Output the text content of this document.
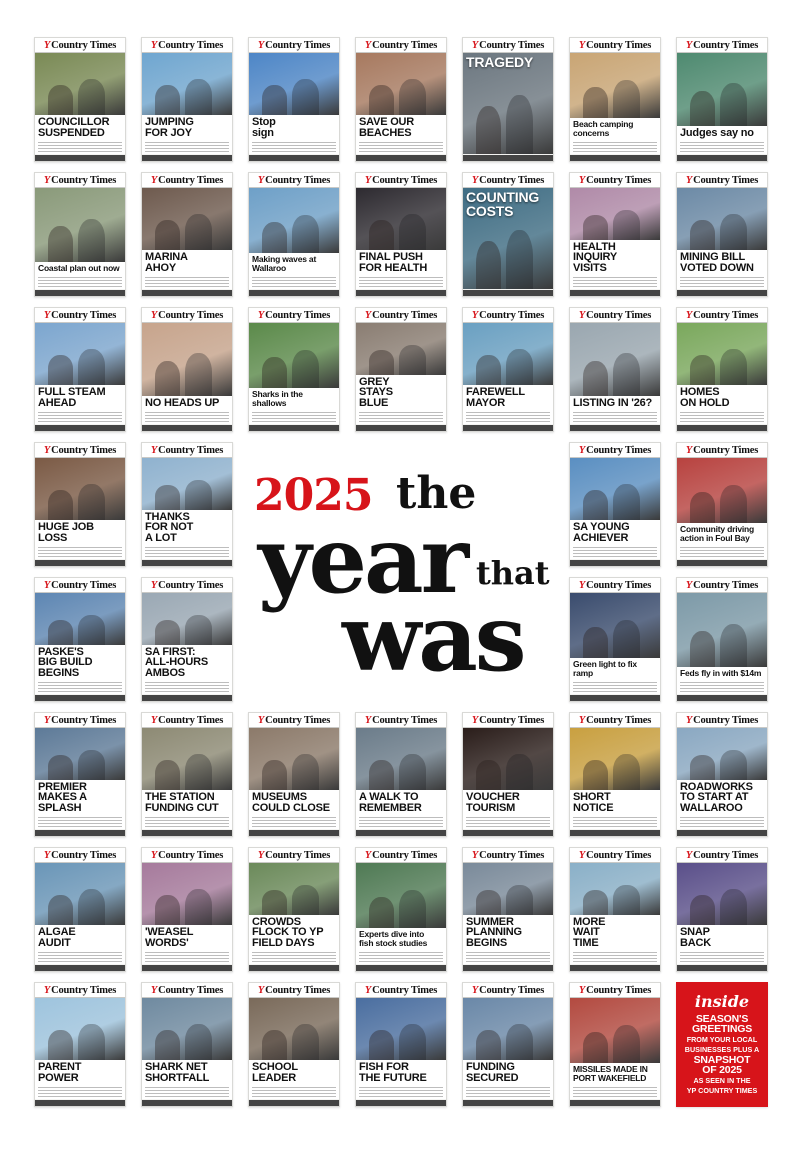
Y Country Times
COUNCILLOR
SUSPENDED
Y Country Times
JUMPING
FOR JOY
Y Country Times
Stop
sign
Y Country Times
SAVE OUR
BEACHES
Y Country Times
TRAGEDY
Y Country Times
Beach camping concerns
Y Country Times
Judges say no
Y Country Times
Coastal plan out now
Y Country Times
MARINA
AHOY
Y Country Times
Making waves at Wallaroo
Y Country Times
FINAL PUSH
FOR HEALTH
Y Country Times
COUNTING
COSTS
Y Country Times
HEALTH
INQUIRY
VISITS
Y Country Times
MINING BILL
VOTED DOWN
Y Country Times
FULL STEAM
AHEAD
Y Country Times
NO HEADS UP
Y Country Times
Sharks in the shallows
Y Country Times
GREY
STAYS
BLUE
Y Country Times
FAREWELL
MAYOR
Y Country Times
LISTING IN '26?
Y Country Times
HOMES
ON HOLD
Y Country Times
HUGE JOB
LOSS
Y Country Times
THANKS
FOR NOT
A LOT
Y Country Times
SA YOUNG
ACHIEVER
Y Country Times
Community driving action in Foul Bay
Y Country Times
PASKE'S
BIG BUILD
BEGINS
Y Country Times
SA FIRST:
ALL-HOURS
AMBOS
Y Country Times
Green light to fix ramp
Y Country Times
Feds fly in with $14m
Y Country Times
PREMIER
MAKES A
SPLASH
Y Country Times
THE STATION
FUNDING CUT
Y Country Times
MUSEUMS
COULD CLOSE
Y Country Times
A WALK TO
REMEMBER
Y Country Times
VOUCHER
TOURISM
Y Country Times
SHORT
NOTICE
Y Country Times
ROADWORKS
TO START AT
WALLAROO
Y Country Times
ALGAE
AUDIT
Y Country Times
'WEASEL
WORDS'
Y Country Times
CROWDS
FLOCK TO YP
FIELD DAYS
Y Country Times
Experts dive into
fish stock studies
Y Country Times
SUMMER
PLANNING
BEGINS
Y Country Times
MORE
WAIT
TIME
Y Country Times
SNAP
BACK
Y Country Times
PARENT
POWER
Y Country Times
SHARK NET
SHORTFALL
Y Country Times
SCHOOL
LEADER
Y Country Times
FISH FOR
THE FUTURE
Y Country Times
FUNDING
SECURED
Y Country Times
MISSILES MADE IN
PORT WAKEFIELD
inside
SEASON'S
GREETINGS
FROM YOUR LOCAL
BUSINESSES PLUS A
SNAPSHOT
OF 2025
AS SEEN IN THE
YP COUNTRY TIMES
2025 the
year that
was
